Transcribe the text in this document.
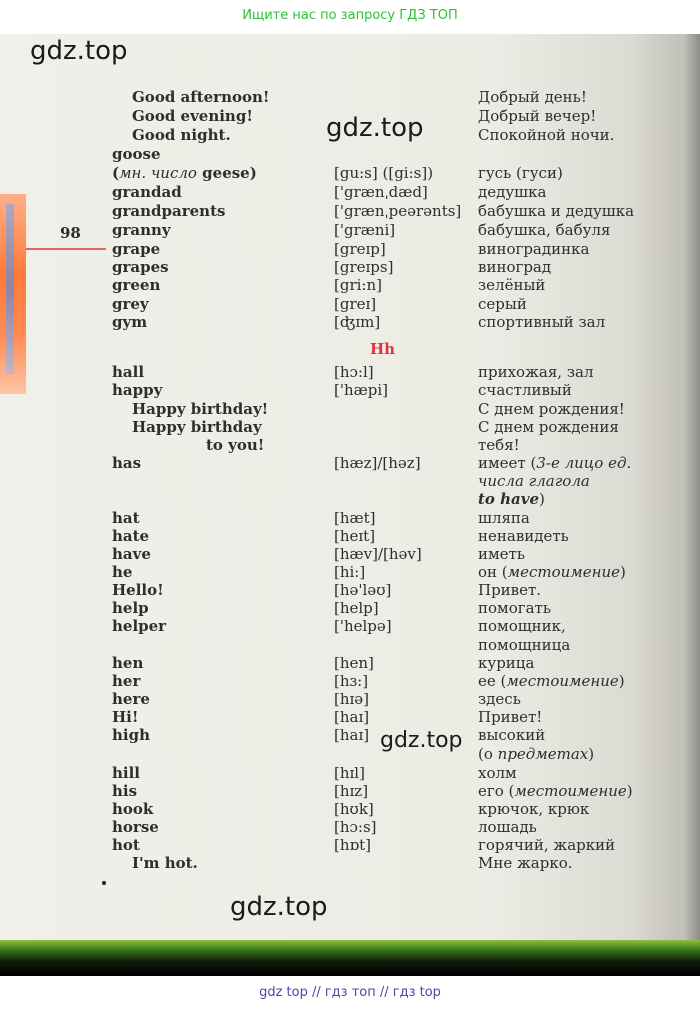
Ищите нас по запросу ГДЗ ТОП
98
gdz.top
gdz.top
gdz.top
gdz.top
Good afternoon!	Добрый день!
Good evening!	Добрый вечер!
Good night.	Спокойной ночи.
goose
(мн. число geese)	[gu:s] ([gi:s])	гусь (гуси)
grandad	['grænˌdæd]	дедушка
grandparents	['grænˌpeərənts] бабушка и дедушка
granny	['græni]	бабушка, бабуля
grape	[greɪp]	виноградинка
grapes	[greɪps]	виноград
green	[gri:n]	зелёный
grey	[greɪ]	серый
gym	[ʤɪm]	спортивный зал
hall	[hɔ:l]	прихожая, зал
happy	['hæpi]	счастливый
Happy birthday!	С днем рождения!
Happy birthday	С днем рождения
to you!	тебя!
has	[hæz]/[həz]	имеет (3-е лицо ед.
числа глагола
to have)
hat	[hæt]	шляпа
hate	[heɪt]	ненавидеть
have	[hæv]/[həv]	иметь
he	[hi:]	он (местоимение)
Hello!	[hə'ləʊ]	Привет.
help	[help]	помогать
helper	['helpə]	помощник,
помощница
hen	[hen]	курица
her	[hɜ:]	ее (местоимение)
here	[hɪə]	здесь
Hi!	[haɪ]	Привет!
high	[haɪ]	высокий
(о предметах)
hill	[hɪl]	холм
his	[hɪz]	его (местоимение)
hook	[hʊk]	крючок, крюк
horse	[hɔ:s]	лошадь
hot	[hɒt]	горячий, жаркий
I'm hot.	Мне жарко.
Hh
gdz top // гдз топ // гдз top
